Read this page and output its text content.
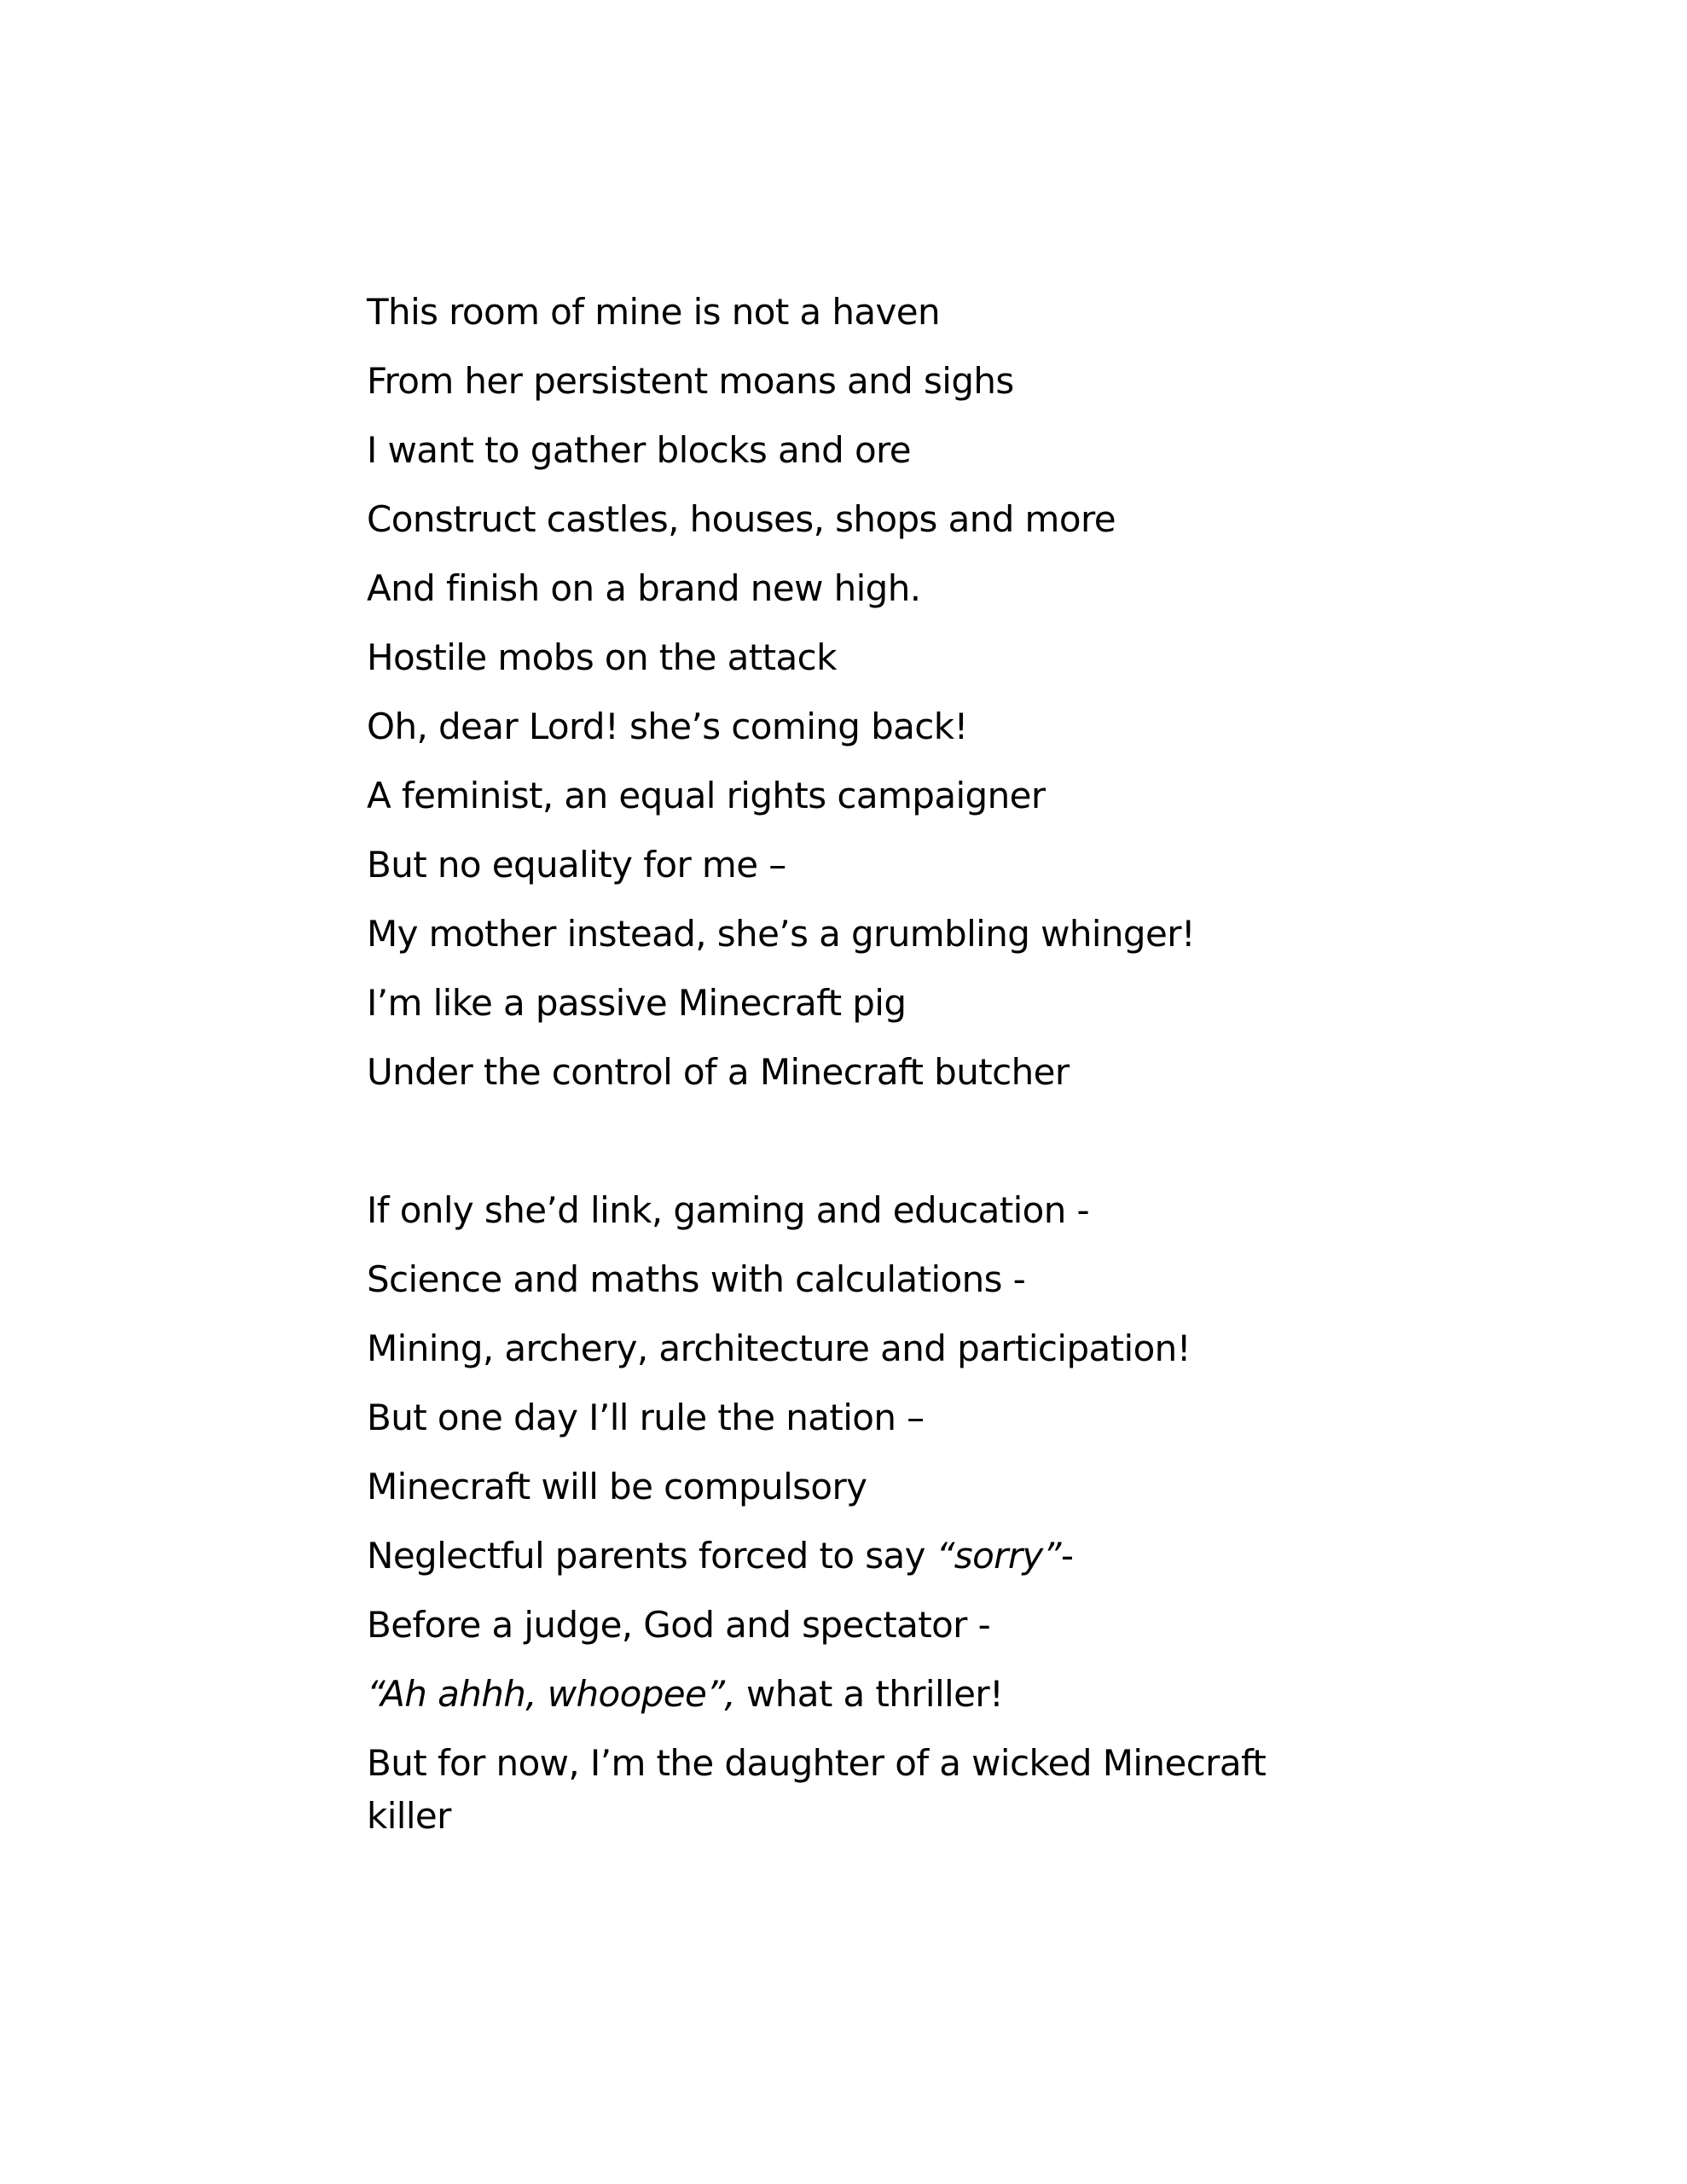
This room of mine is not a haven
From her persistent moans and sighs
I want to gather blocks and ore
Construct castles, houses, shops and more
And finish on a brand new high.
Hostile mobs on the attack
Oh, dear Lord! she’s coming back!
A feminist, an equal rights campaigner
But no equality for me –
My mother instead, she’s a grumbling whinger!
I’m like a passive Minecraft pig
Under the control of a Minecraft butcher
If only she’d link, gaming and education -
Science and maths with calculations -
Mining, archery, architecture and participation!
But one day I’ll rule the nation –
Minecraft will be compulsory
Neglectful parents forced to say “sorry”-
Before a judge, God and spectator -
“Ah ahhh, whoopee”, what a thriller!
But for now, I’m the daughter of a wicked Minecraft killer
